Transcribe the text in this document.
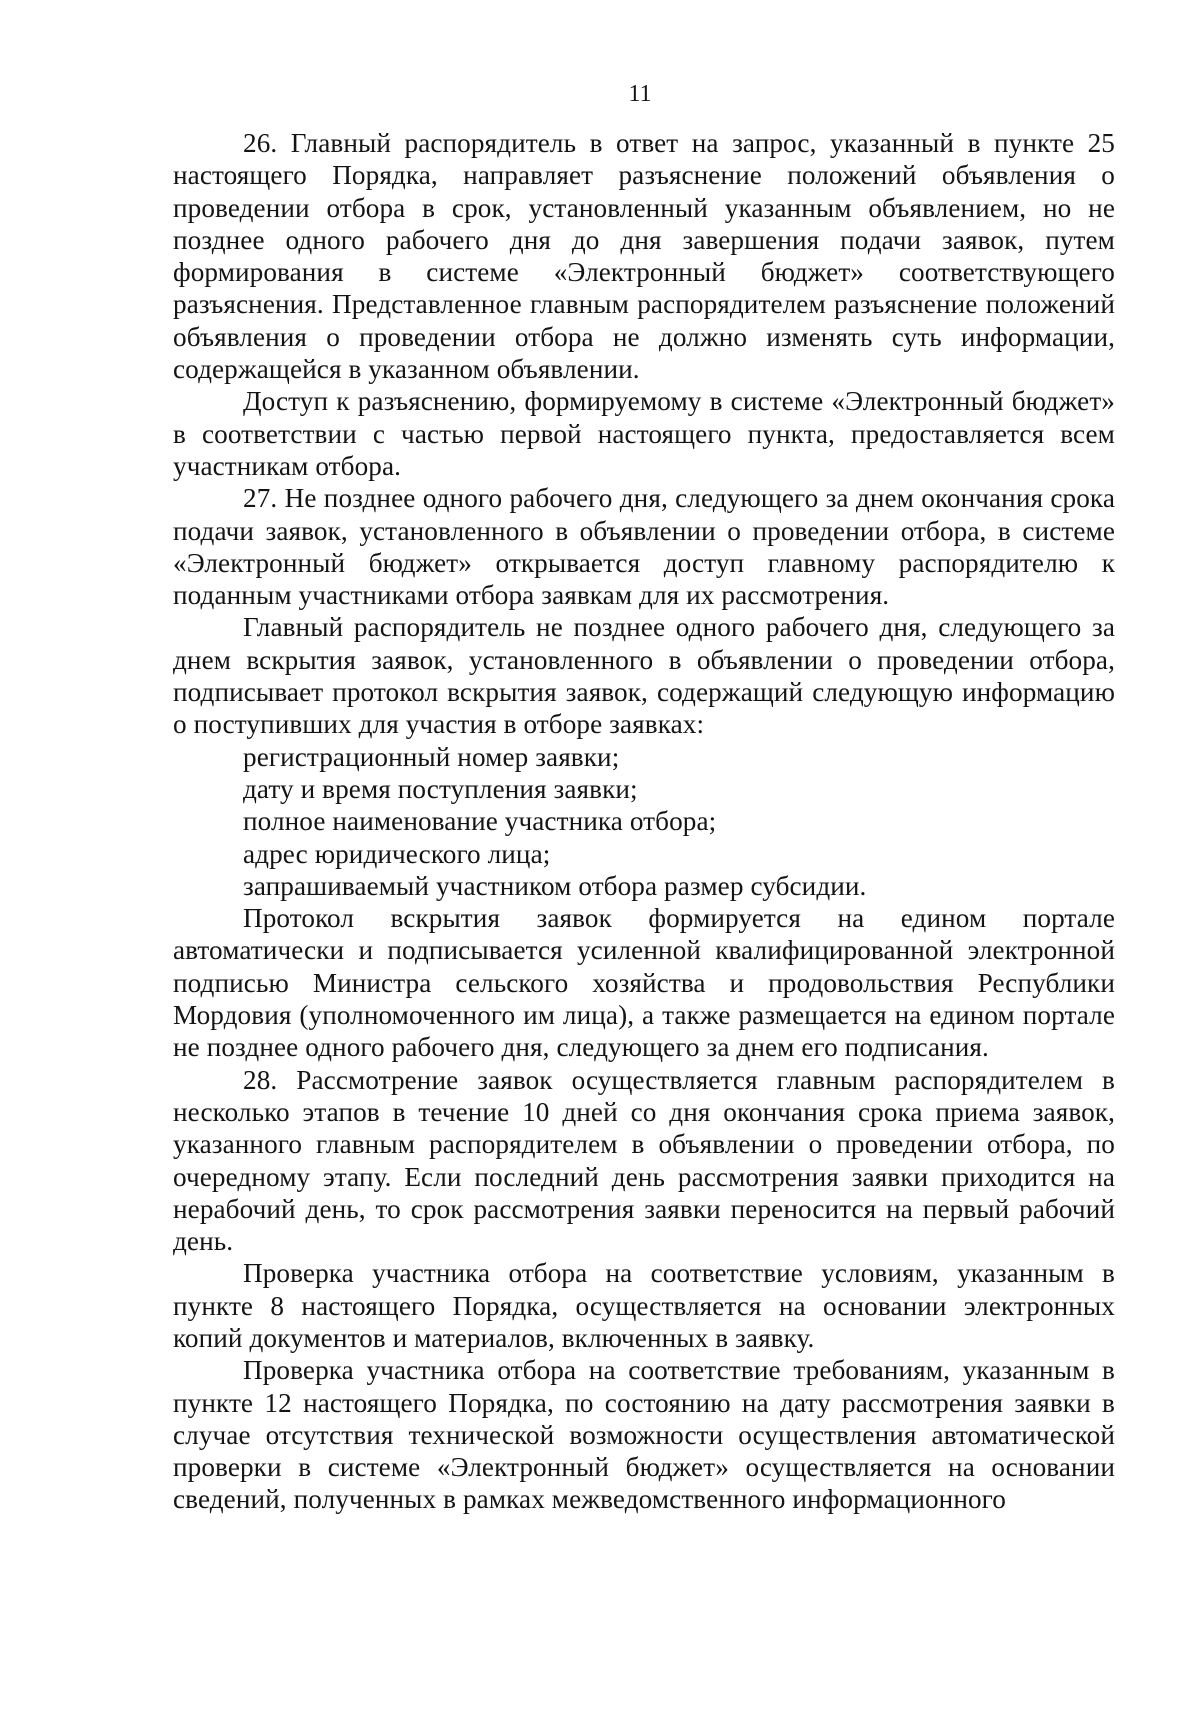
11

26. Главный распорядитель в ответ на запрос, указанный в пункте 25 настоящего Порядка, направляет разъяснение положений объявления о проведении отбора в срок, установленный указанным объявлением, но не позднее одного рабочего дня до дня завершения подачи заявок, путем формирования в системе «Электронный бюджет» соответствующего разъяснения. Представленное главным распорядителем разъяснение положений объявления о проведении отбора не должно изменять суть информации, содержащейся в указанном объявлении.

Доступ к разъяснению, формируемому в системе «Электронный бюджет» в соответствии с частью первой настоящего пункта, предоставляется всем участникам отбора.

27. Не позднее одного рабочего дня, следующего за днем окончания срока подачи заявок, установленного в объявлении о проведении отбора, в системе «Электронный бюджет» открывается доступ главному распорядителю к поданным участниками отбора заявкам для их рассмотрения.

Главный распорядитель не позднее одного рабочего дня, следующего за днем вскрытия заявок, установленного в объявлении о проведении отбора, подписывает протокол вскрытия заявок, содержащий следующую информацию о поступивших для участия в отборе заявках:

регистрационный номер заявки;

дату и время поступления заявки;

полное наименование участника отбора;

адрес юридического лица;

запрашиваемый участником отбора размер субсидии.

Протокол вскрытия заявок формируется на едином портале автоматически и подписывается усиленной квалифицированной электронной подписью Министра сельского хозяйства и продовольствия Республики Мордовия (уполномоченного им лица), а также размещается на едином портале не позднее одного рабочего дня, следующего за днем его подписания.

28. Рассмотрение заявок осуществляется главным распорядителем в несколько этапов в течение 10 дней со дня окончания срока приема заявок, указанного главным распорядителем в объявлении о проведении отбора, по очередному этапу. Если последний день рассмотрения заявки приходится на нерабочий день, то срок рассмотрения заявки переносится на первый рабочий день.

Проверка участника отбора на соответствие условиям, указанным в пункте 8 настоящего Порядка, осуществляется на основании электронных копий документов и материалов, включенных в заявку.

Проверка участника отбора на соответствие требованиям, указанным в пункте 12 настоящего Порядка, по состоянию на дату рассмотрения заявки в случае отсутствия технической возможности осуществления автоматической проверки в системе «Электронный бюджет» осуществляется на основании сведений, полученных в рамках межведомственного информационного
